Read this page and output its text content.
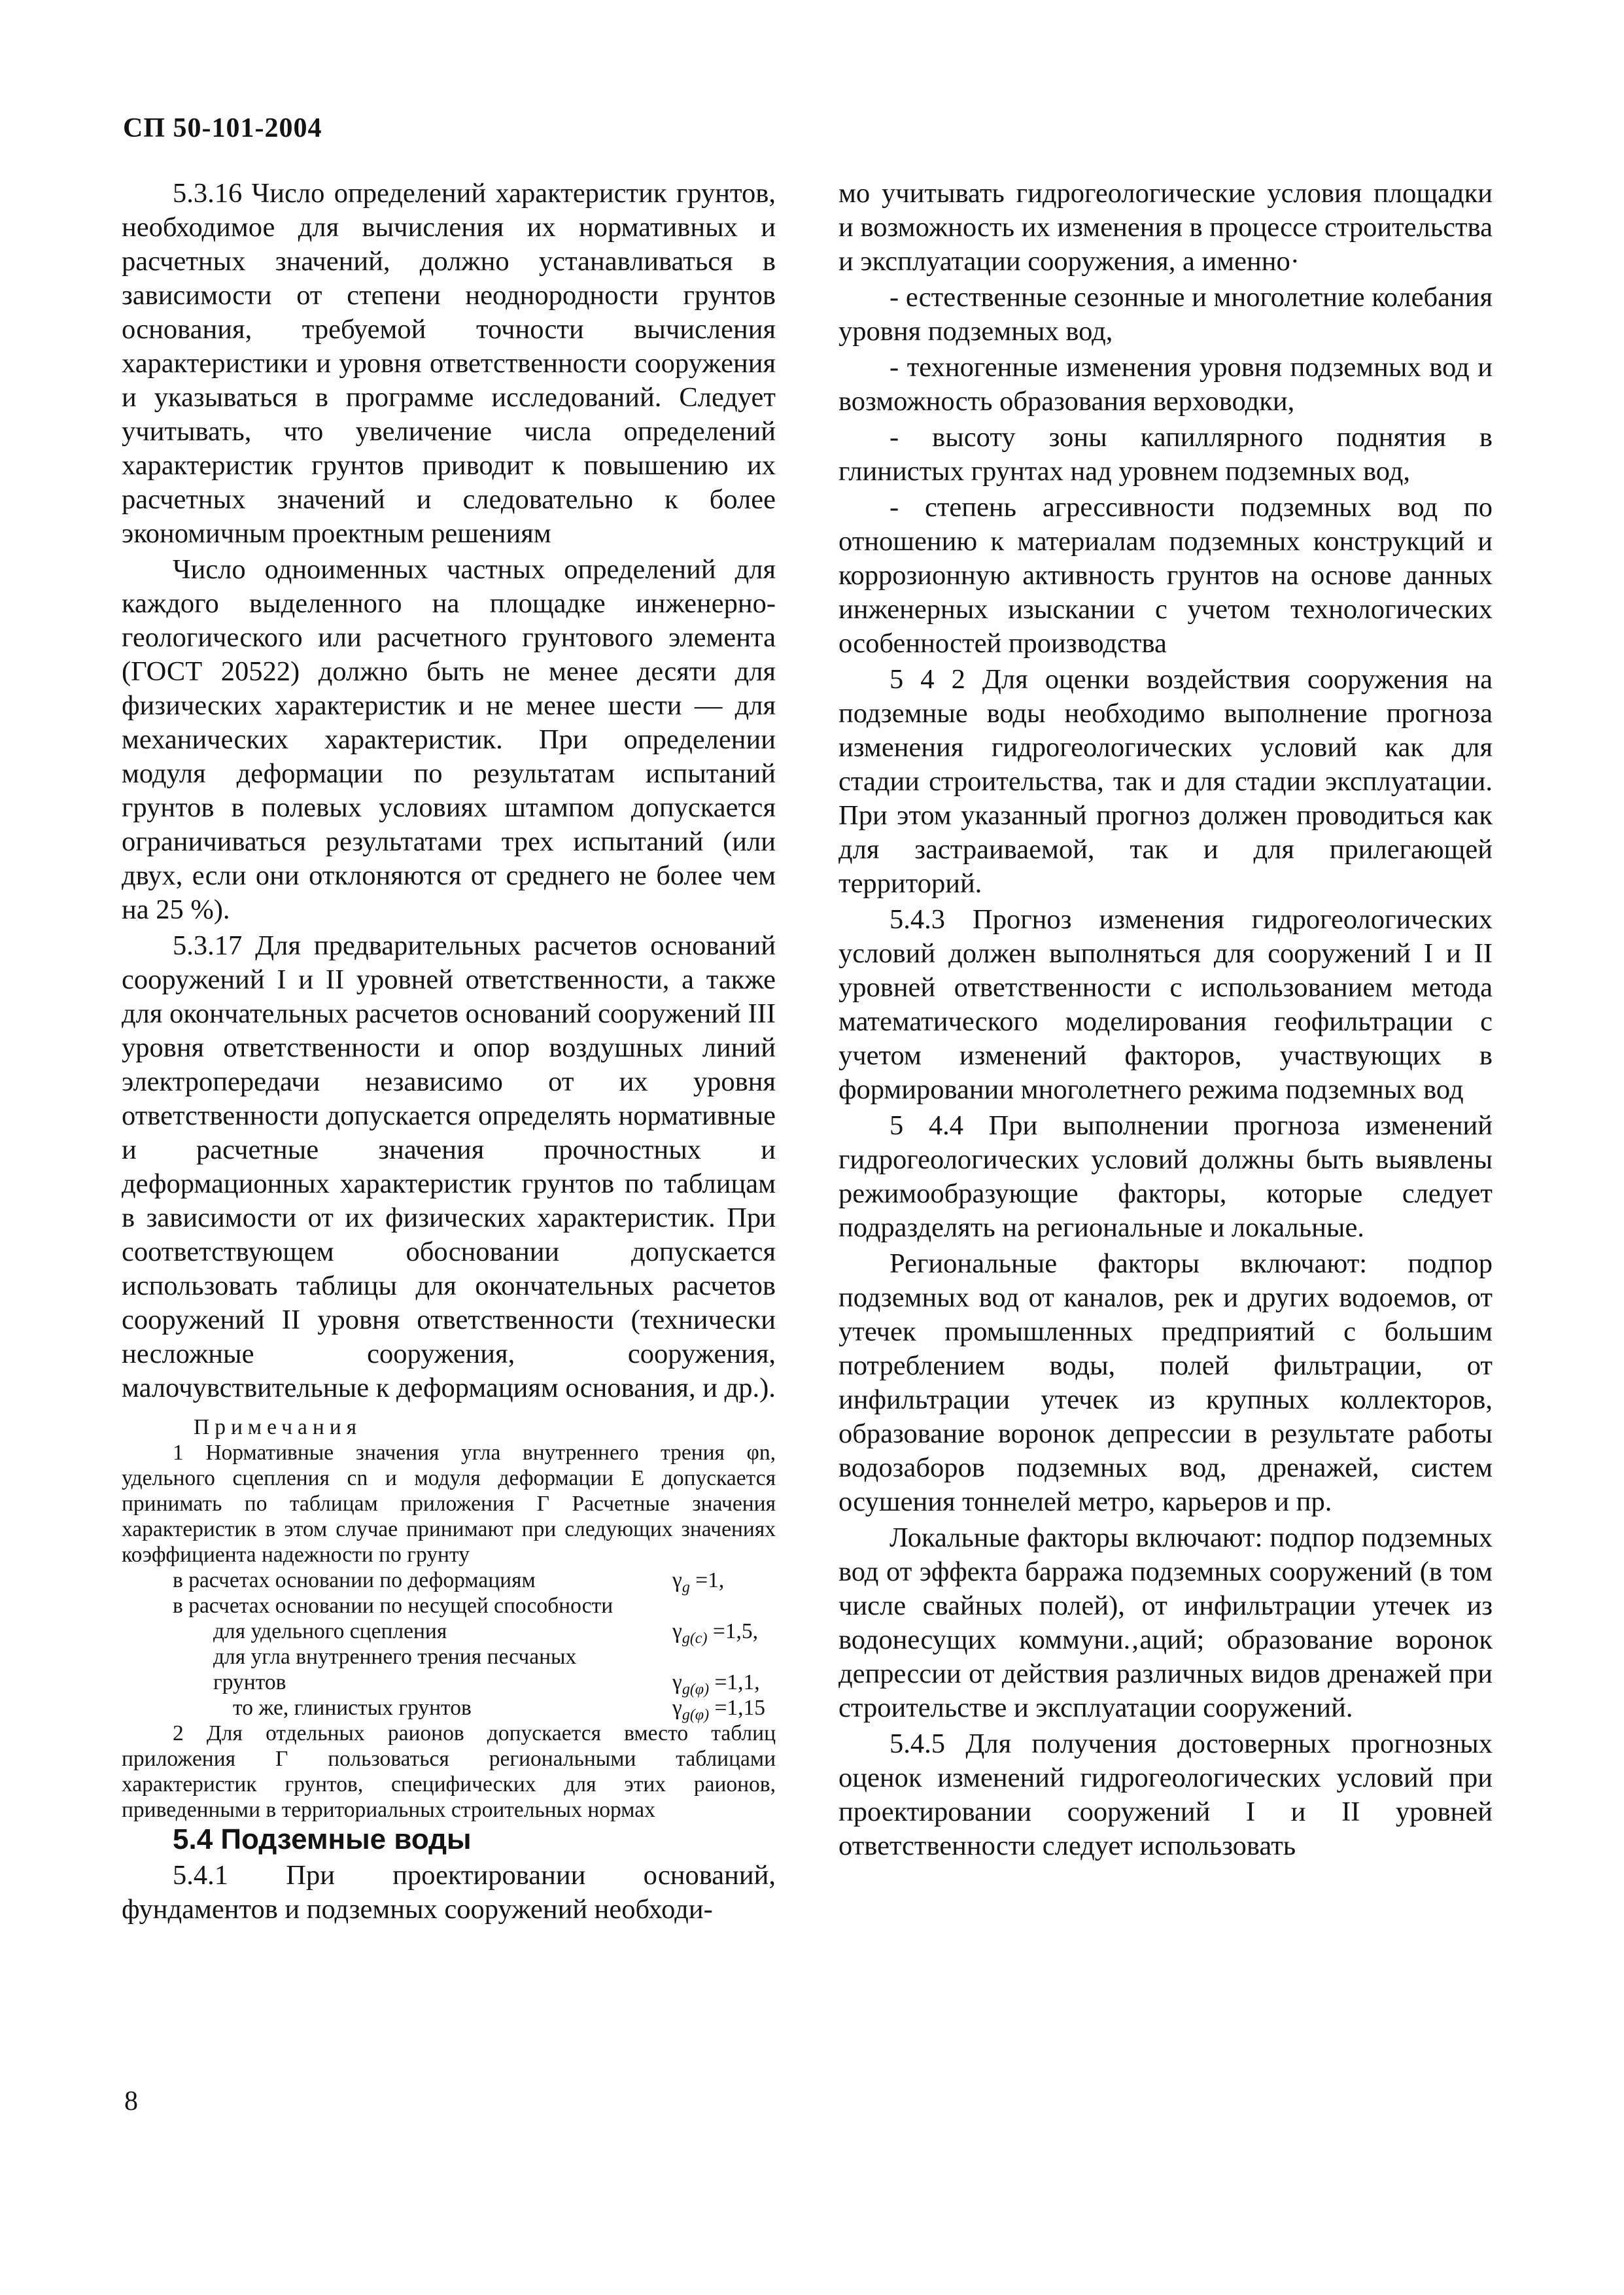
СП 50-101-2004

5.3.16 Число определений характеристик грунтов, необходимое для вычисления их нормативных и расчетных значений, должно устанавливаться в зависимости от степени неоднородности грунтов основания, требуемой точности вычисления характеристики и уровня ответственности сооружения и указываться в программе исследований. Следует учитывать, что увеличение числа определений характеристик грунтов приводит к повышению их расчетных значений и следовательно к более экономичным проектным решениям

Число одноименных частных определений для каждого выделенного на площадке инженерно-геологического или расчетного грунтового элемента (ГОСТ 20522) должно быть не менее десяти для физических характеристик и не менее шести — для механических характеристик. При определении модуля деформации по результатам испытаний грунтов в полевых условиях штампом допускается ограничиваться результатами трех испытаний (или двух, если они отклоняются от среднего не более чем на 25 %).

5.3.17 Для предварительных расчетов оснований сооружений I и II уровней ответственности, а также для окончательных расчетов оснований сооружений III уровня ответственности и опор воздушных линий электропередачи независимо от их уровня ответственности допускается определять нормативные и расчетные значения прочностных и деформационных характеристик грунтов по таблицам в зависимости от их физических характеристик. При соответствующем обосновании допускается использовать таблицы для окончательных расчетов сооружений II уровня ответственности (технически несложные сооружения, сооружения, малочувствительные к деформациям основания, и др.).

Примечания

1 Нормативные значения угла внутреннего трения φn, удельного сцепления cn и модуля деформации E допускается принимать по таблицам приложения Г Расчетные значения характеристик в этом случае принимают при следующих значениях коэффициента надежности по грунту

в расчетах основании по деформациям	$\gamma_g =1$,
в расчетах основании по несущей способности
для удельного сцепления	$\gamma_{g(c)} =1,5$,
для угла внутреннего трения песчаных
грунтов	$\gamma_{g(\varphi)} =1,1$,
то же, глинистых грунтов	$\gamma_{g(\varphi)} =1,15$

2 Для отдельных раионов допускается вместо таблиц приложения Г пользоваться региональными таблицами характеристик грунтов, специфических для этих раионов, приведенными в территориальных строительных нормах

5.4 Подземные воды

5.4.1 При проектировании оснований, фундаментов и подземных сооружений необходи-

мо учитывать гидрогеологические условия площадки и возможность их изменения в процессе строительства и эксплуатации сооружения, а именно·

- естественные сезонные и многолетние колебания уровня подземных вод,

- техногенные изменения уровня подземных вод и возможность образования верховодки,

- высоту зоны капиллярного поднятия в глинистых грунтах над уровнем подземных вод,

- степень агрессивности подземных вод по отношению к материалам подземных конструкций и коррозионную активность грунтов на основе данных инженерных изыскании с учетом технологических особенностей производства

5 4 2 Для оценки воздействия сооружения на подземные воды необходимо выполнение прогноза изменения гидрогеологических условий как для стадии строительства, так и для стадии эксплуатации. При этом указанный прогноз должен проводиться как для застраиваемой, так и для прилегающей территорий.

5.4.3 Прогноз изменения гидрогеологических условий должен выполняться для сооружений I и II уровней ответственности с использованием метода математического моделирования геофильтрации с учетом изменений факторов, участвующих в формировании многолетнего режима подземных вод

5 4.4 При выполнении прогноза изменений гидрогеологических условий должны быть выявлены режимообразующие факторы, которые следует подразделять на региональные и локальные.

Региональные факторы включают: подпор подземных вод от каналов, рек и других водоемов, от утечек промышленных предприятий с большим потреблением воды, полей фильтрации, от инфильтрации утечек из крупных коллекторов, образование воронок депрессии в результате работы водозаборов подземных вод, дренажей, систем осушения тоннелей метро, карьеров и пр.

Локальные факторы включают: подпор подземных вод от эффекта барража подземных сооружений (в том числе свайных полей), от инфильтрации утечек из водонесущих коммуни.‚аций; образование воронок депрессии от действия различных видов дренажей при строительстве и эксплуатации сооружений.

5.4.5 Для получения достоверных прогнозных оценок изменений гидрогеологических условий при проектировании сооружений I и II уровней ответственности следует использовать

8
